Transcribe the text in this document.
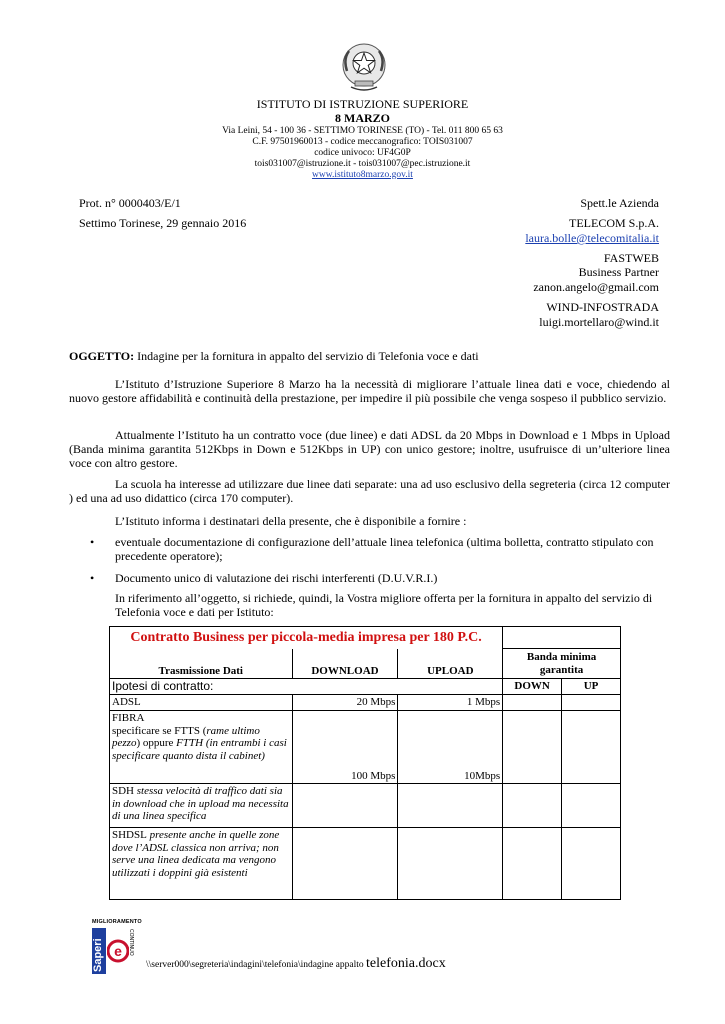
ISTITUTO DI ISTRUZIONE SUPERIORE
8 MARZO
Via Leini, 54 - 100 36 - SETTIMO TORINESE (TO) - Tel. 011 800 65 63
C.F. 97501960013 - codice meccanografico: TOIS031007
codice univoco: UF4G0P
tois031007@istruzione.it - tois031007@pec.istruzione.it
www.istituto8marzo.gov.it
Prot. n° 0000403/E/1
Settimo Torinese, 29 gennaio 2016
Spett.le Azienda
TELECOM S.p.A.
laura.bolle@telecomitalia.it
FASTWEB
Business Partner
zanon.angelo@gmail.com
WIND-INFOSTRADA
luigi.mortellaro@wind.it
OGGETTO: Indagine per la fornitura in appalto del servizio di Telefonia voce e dati
L’Istituto d’Istruzione Superiore 8 Marzo ha la necessità di migliorare l’attuale linea dati e voce, chiedendo al nuovo gestore affidabilità e continuità della prestazione, per impedire il più possibile che venga sospeso il pubblico servizio.
Attualmente l’Istituto ha un contratto voce (due linee) e dati ADSL da 20 Mbps in Download e 1 Mbps in Upload (Banda minima garantita 512Kbps in Down e 512Kbps in UP) con unico gestore; inoltre, usufruisce di un’ulteriore linea voce con altro gestore.
La scuola ha interesse ad utilizzare due linee dati separate: una ad uso esclusivo della segreteria (circa 12 computer ) ed una ad uso didattico (circa 170 computer).
L’Istituto informa i destinatari della presente, che è disponibile a fornire :
• eventuale documentazione di configurazione dell’attuale linea telefonica (ultima bolletta, contratto stipulato con precedente operatore);
• Documento unico di valutazione dei rischi interferenti (D.U.V.R.I.)
In riferimento all’oggetto, si richiede, quindi, la Vostra migliore offerta per la fornitura in appalto del servizio di Telefonia voce e dati per Istituto:
Contratto Business per piccola-media impresa per 180 P.C.				
Trasmissione Dati	DOWNLOAD	UPLOAD	Banda minima garantita	
Ipotesi di contratto:			DOWN	UP
ADSL	20 Mbps	1 Mbps		
FIBRA
specificare se FTTS (rame ultimo pezzo) oppure FTTH (in entrambi i casi specificare quanto dista il cabinet)	100 Mbps	10Mbps		
SDH stessa velocità di traffico dati sia in download che in upload ma necessita di una linea specifica				
SHDSL presente anche in quelle zone dove l’ADSL classica non arriva; non serve una linea dedicata ma vengono utilizzati i doppini già esistenti				
MIGLIORAMENTO
Saperi e CONTINUO
\\server000\segreteria\indagini\telefonia\indagine appalto telefonia.docx
